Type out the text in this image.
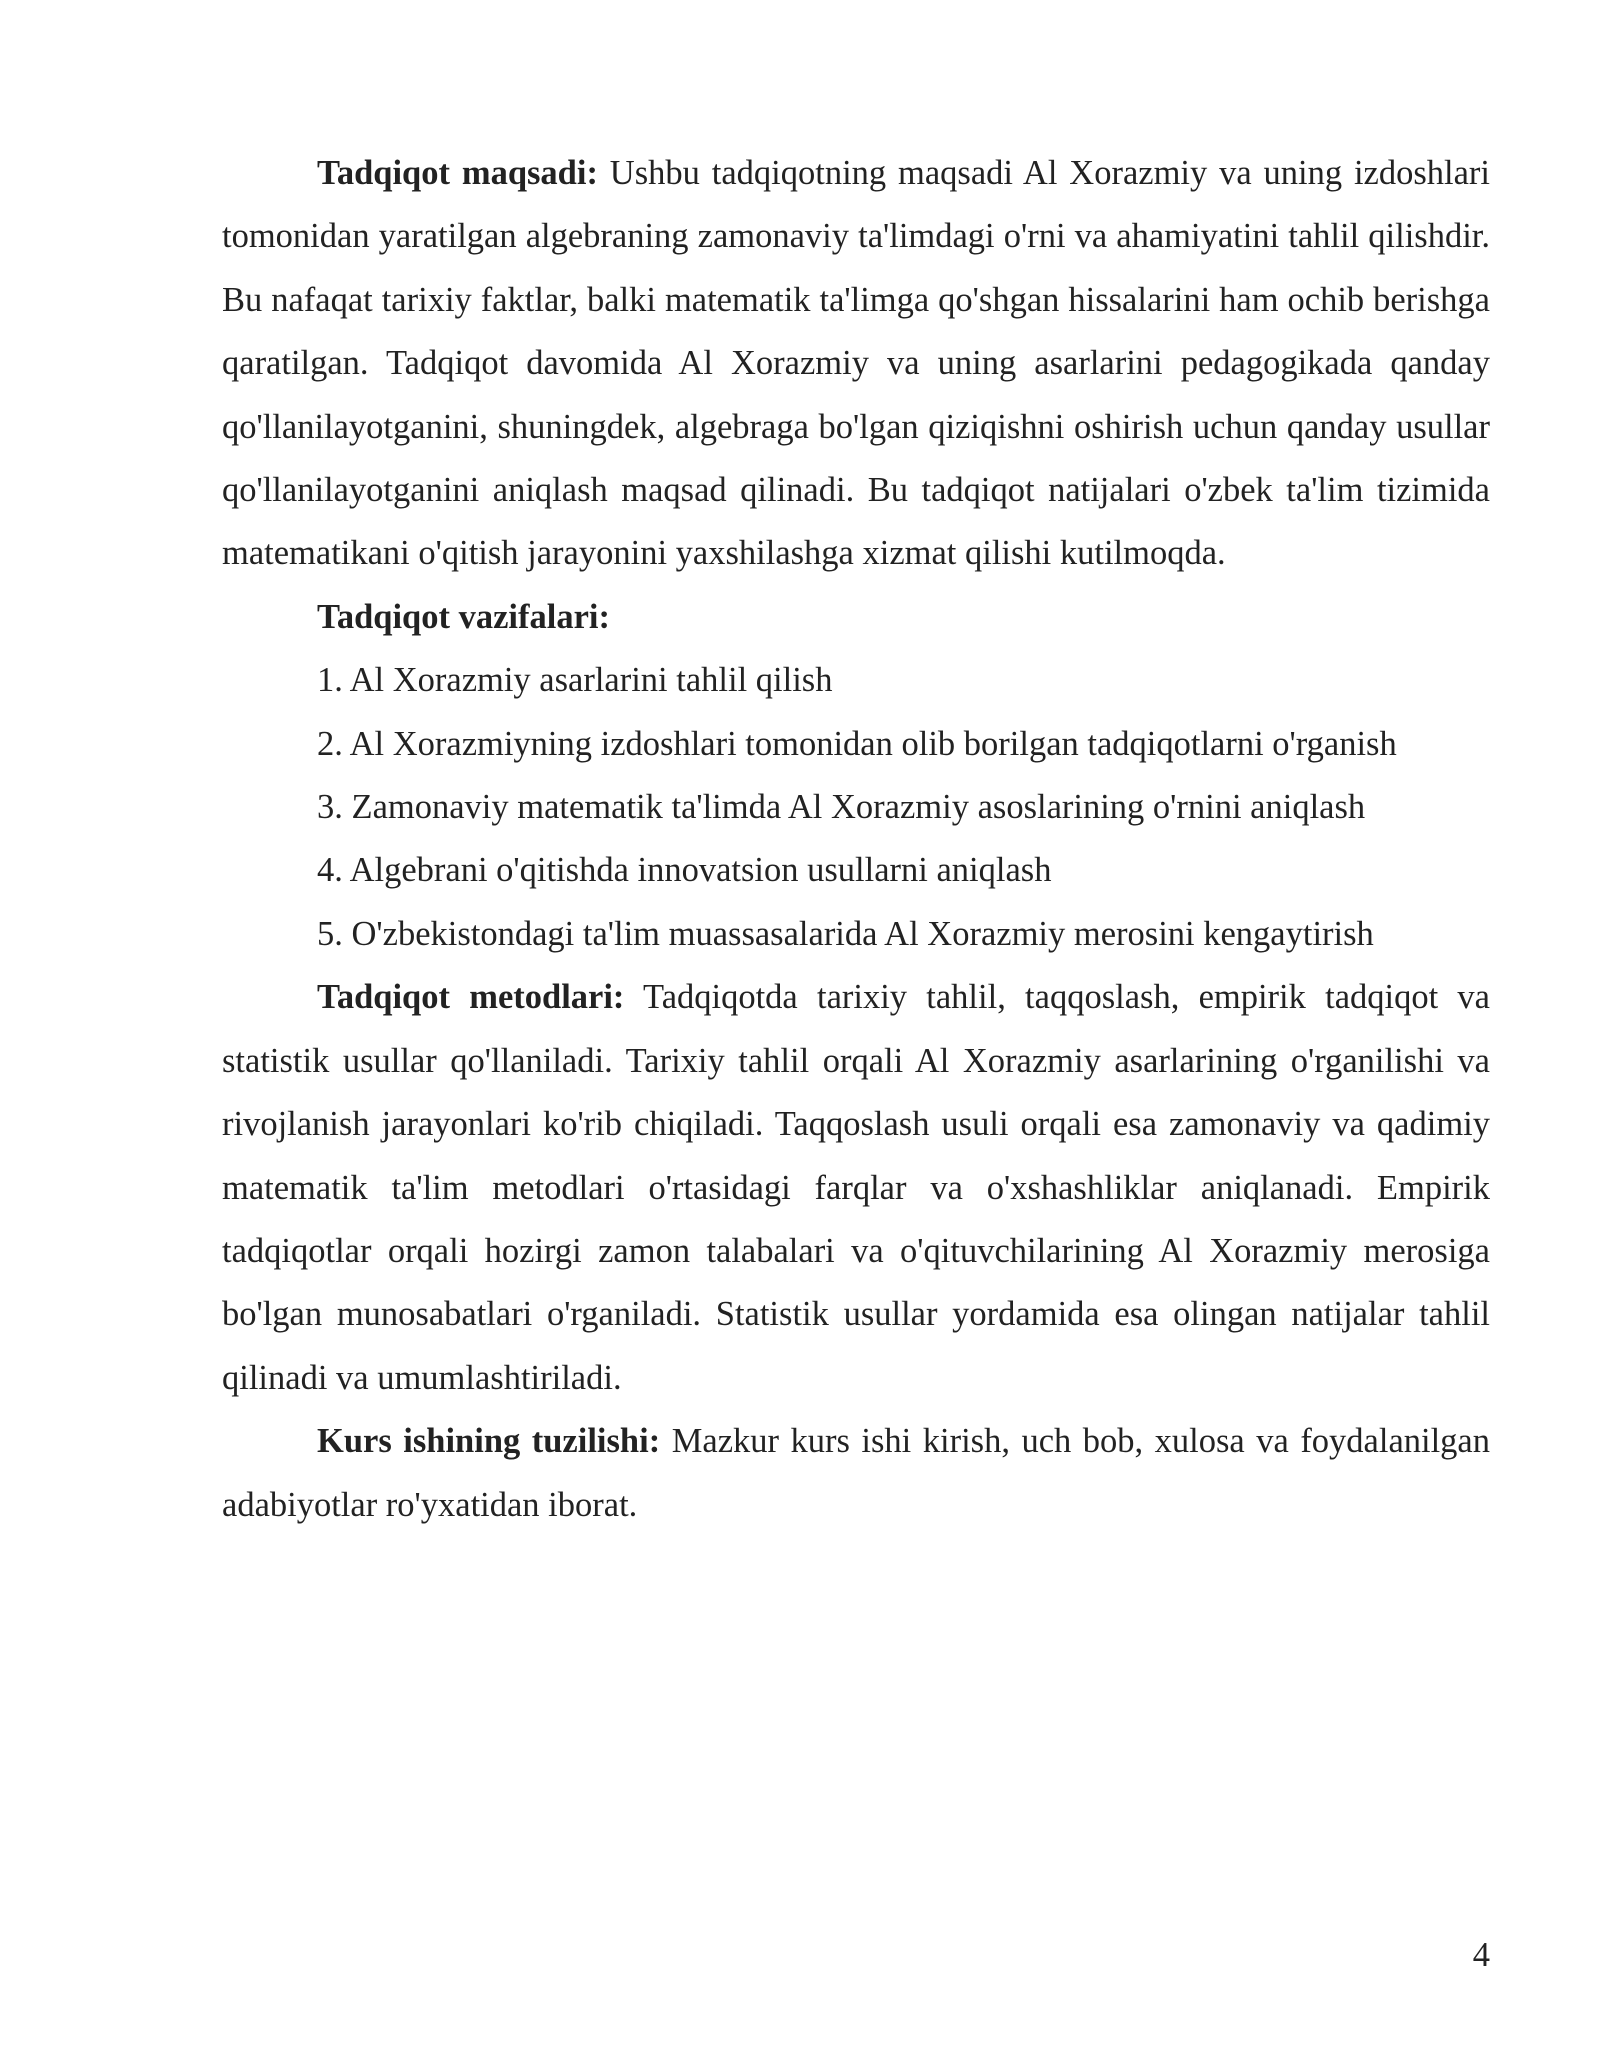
Tadqiqot maqsadi: Ushbu tadqiqotning maqsadi Al Xorazmiy va uning izdoshlari tomonidan yaratilgan algebraning zamonaviy ta'limdagi o'rni va ahamiyatini tahlil qilishdir. Bu nafaqat tarixiy faktlar, balki matematik ta'limga qo'shgan hissalarini ham ochib berishga qaratilgan. Tadqiqot davomida Al Xorazmiy va uning asarlarini pedagogikada qanday qo'llanilayotganini, shuningdek, algebraga bo'lgan qiziqishni oshirish uchun qanday usullar qo'llanilayotganini aniqlash maqsad qilinadi. Bu tadqiqot natijalari o'zbek ta'lim tizimida matematikani o'qitish jarayonini yaxshilashga xizmat qilishi kutilmoqda.

Tadqiqot vazifalari:

1. Al Xorazmiy asarlarini tahlil qilish

2. Al Xorazmiyning izdoshlari tomonidan olib borilgan tadqiqotlarni o'rganish

3. Zamonaviy matematik ta'limda Al Xorazmiy asoslarining o'rnini aniqlash

4. Algebrani o'qitishda innovatsion usullarni aniqlash

5. O'zbekistondagi ta'lim muassasalarida Al Xorazmiy merosini kengaytirish

Tadqiqot metodlari: Tadqiqotda tarixiy tahlil, taqqoslash, empirik tadqiqot va statistik usullar qo'llaniladi. Tarixiy tahlil orqali Al Xorazmiy asarlarining o'rganilishi va rivojlanish jarayonlari ko'rib chiqiladi. Taqqoslash usuli orqali esa zamonaviy va qadimiy matematik ta'lim metodlari o'rtasidagi farqlar va o'xshashliklar aniqlanadi. Empirik tadqiqotlar orqali hozirgi zamon talabalari va o'qituvchilarining Al Xorazmiy merosiga bo'lgan munosabatlari o'rganiladi. Statistik usullar yordamida esa olingan natijalar tahlil qilinadi va umumlashtiriladi.

Kurs ishining tuzilishi: Mazkur kurs ishi kirish, uch bob, xulosa va foydalanilgan adabiyotlar ro'yxatidan iborat.

4
